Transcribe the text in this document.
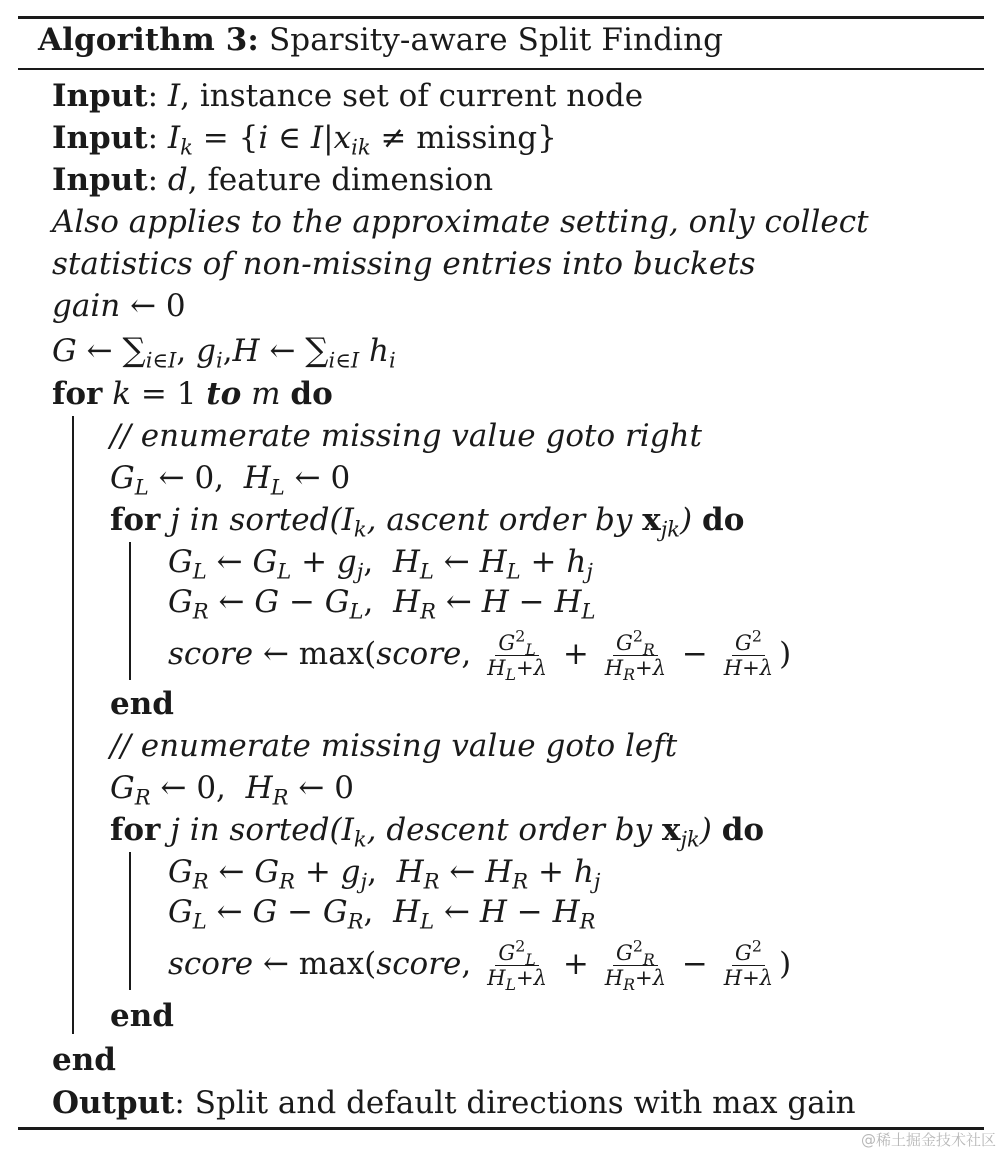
Algorithm 3: Sparsity-aware Split Finding
Input: I, instance set of current node
Input: $I_k = \{i$ ∈ $I|x_{ik} \ne missing$}
Input: d, feature dimension
Also applies to the approximate setting, only collect
statistics of non-missing entries into buckets
gain ← 0
G ← $\sum_{i\in I}$, $g_i,H$ ← $\sum_{i\in I}$ $h_i$
for k = 1 to m do
// enumerate missing value goto right
$G_L$ ← 0,  $H_L$ ← 0
for j in $sorted(I_k$, ascent order by $x_{jk}$) do
$G_L$ ← $G_L + g_j$,  $H_L$ ← $H_L + h_j$
$G_R$ ← $G - G_L$,  $H_R$ ← $H - H_L$
score ← max(score, $\frac{G^2_L}{H_L+\lambda} + \frac{G^2_R}{H_R+\lambda} - \frac{G^2}{H+\lambda}$ )
end
// enumerate missing value goto left
$G_R$ ← 0,  $H_R$ ← 0
for j in $sorted(I_k$, descent order by $x_{jk}$) do
$G_R$ ← $G_R + g_j$,  $H_R$ ← $H_R + h_j$
$G_L$ ← $G - G_R$,  $H_L$ ← $H - H_R$
score ← max(score, $\frac{G^2_L}{H_L+\lambda} + \frac{G^2_R}{H_R+\lambda} - \frac{G^2}{H+\lambda}$ )
end
end
Output: Split and default directions with max gain
@稀土掘金技术社区
